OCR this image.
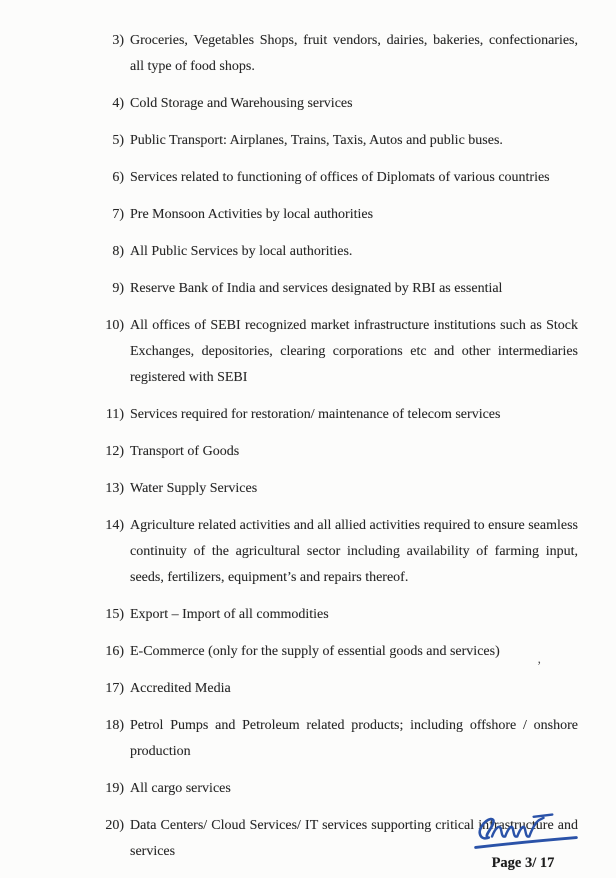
3) Groceries, Vegetables Shops, fruit vendors, dairies, bakeries, confectionaries, all type of food shops.
4) Cold Storage and Warehousing services
5) Public Transport: Airplanes, Trains, Taxis, Autos and public buses.
6) Services related to functioning of offices of Diplomats of various countries
7) Pre Monsoon Activities by local authorities
8) All Public Services by local authorities.
9) Reserve Bank of India and services designated by RBI as essential
10) All offices of SEBI recognized market infrastructure institutions such as Stock Exchanges, depositories, clearing corporations etc and other intermediaries registered with SEBI
11) Services required for restoration/ maintenance of telecom services
12) Transport of Goods
13) Water Supply Services
14) Agriculture related activities and all allied activities required to ensure seamless continuity of the agricultural sector including availability of farming input, seeds, fertilizers, equipment’s and repairs thereof.
15) Export – Import of all commodities
16) E-Commerce (only for the supply of essential goods and services)
17) Accredited Media
18) Petrol Pumps and Petroleum related products; including offshore / onshore production
19) All cargo services
20) Data Centers/ Cloud Services/ IT services supporting critical infrastructure and services
’
Page 3/ 17
